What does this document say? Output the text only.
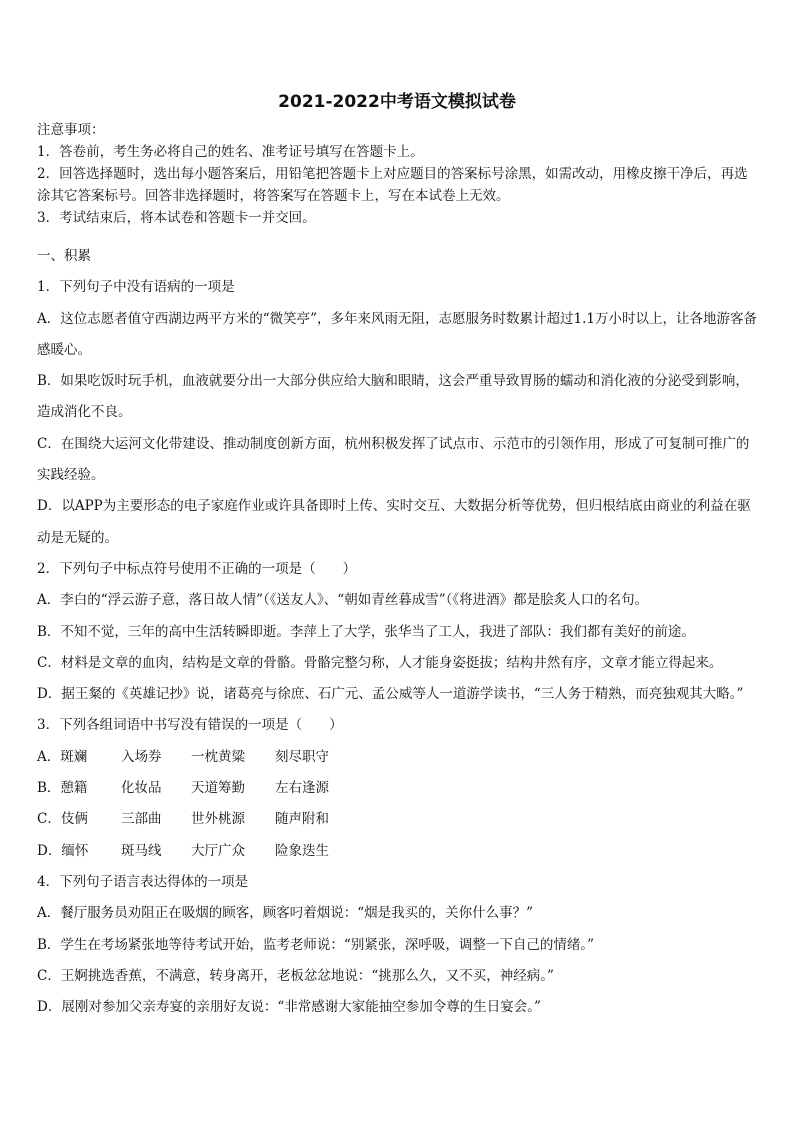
2021-2022中考语文模拟试卷

注意事项：

1．答卷前，考生务必将自己的姓名、准考证号填写在答题卡上。

2．回答选择题时，选出每小题答案后，用铅笔把答题卡上对应题目的答案标号涂黑，如需改动，用橡皮擦干净后，再选涂其它答案标号。回答非选择题时，将答案写在答题卡上，写在本试卷上无效。

3．考试结束后，将本试卷和答题卡一并交回。

一、积累

1．下列句子中没有语病的一项是

A．这位志愿者值守西湖边两平方米的“微笑亭”，多年来风雨无阻，志愿服务时数累计超过1.1万小时以上，让各地游客备感暖心。

B．如果吃饭时玩手机，血液就要分出一大部分供应给大脑和眼睛，这会严重导致胃肠的蠕动和消化液的分泌受到影响，造成消化不良。

C．在围绕大运河文化带建设、推动制度创新方面，杭州积极发挥了试点市、示范市的引领作用，形成了可复制可推广的实践经验。

D．以APP为主要形态的电子家庭作业或许具备即时上传、实时交互、大数据分析等优势，但归根结底由商业的利益在驱动是无疑的。

2．下列句子中标点符号使用不正确的一项是（　　）

A．李白的“浮云游子意，落日故人情”（《送友人》、“朝如青丝暮成雪”（《将进酒》都是脍炙人口的名句。

B．不知不觉，三年的高中生活转瞬即逝。李萍上了大学，张华当了工人，我进了部队：我们都有美好的前途。

C．材料是文章的血肉，结构是文章的骨骼。骨骼完整匀称，人才能身姿挺拔；结构井然有序，文章才能立得起来。

D．据王粲的《英雄记抄》说，诸葛亮与徐庶、石广元、孟公威等人一道游学读书，“三人务于精熟，而亮独观其大略。”

3．下列各组词语中书写没有错误的一项是（　　）

A．斑斓	入场券	一枕黄粱	刻尽职守
B．憩籍	化妆品	天道筹勤	左右逢源
C．伎俩	三部曲	世外桃源	随声附和
D．缅怀	斑马线	大厅广众	险象迭生

4．下列句子语言表达得体的一项是

A．餐厅服务员劝阻正在吸烟的顾客，顾客叼着烟说：“烟是我买的，关你什么事？”

B．学生在考场紧张地等待考试开始，监考老师说：“别紧张，深呼吸，调整一下自己的情绪。”

C．王婀挑选香蕉，不满意，转身离开，老板忿忿地说：“挑那么久，又不买，神经病。”

D．展刚对参加父亲寿宴的亲朋好友说：“非常感谢大家能抽空参加令尊的生日宴会。”
